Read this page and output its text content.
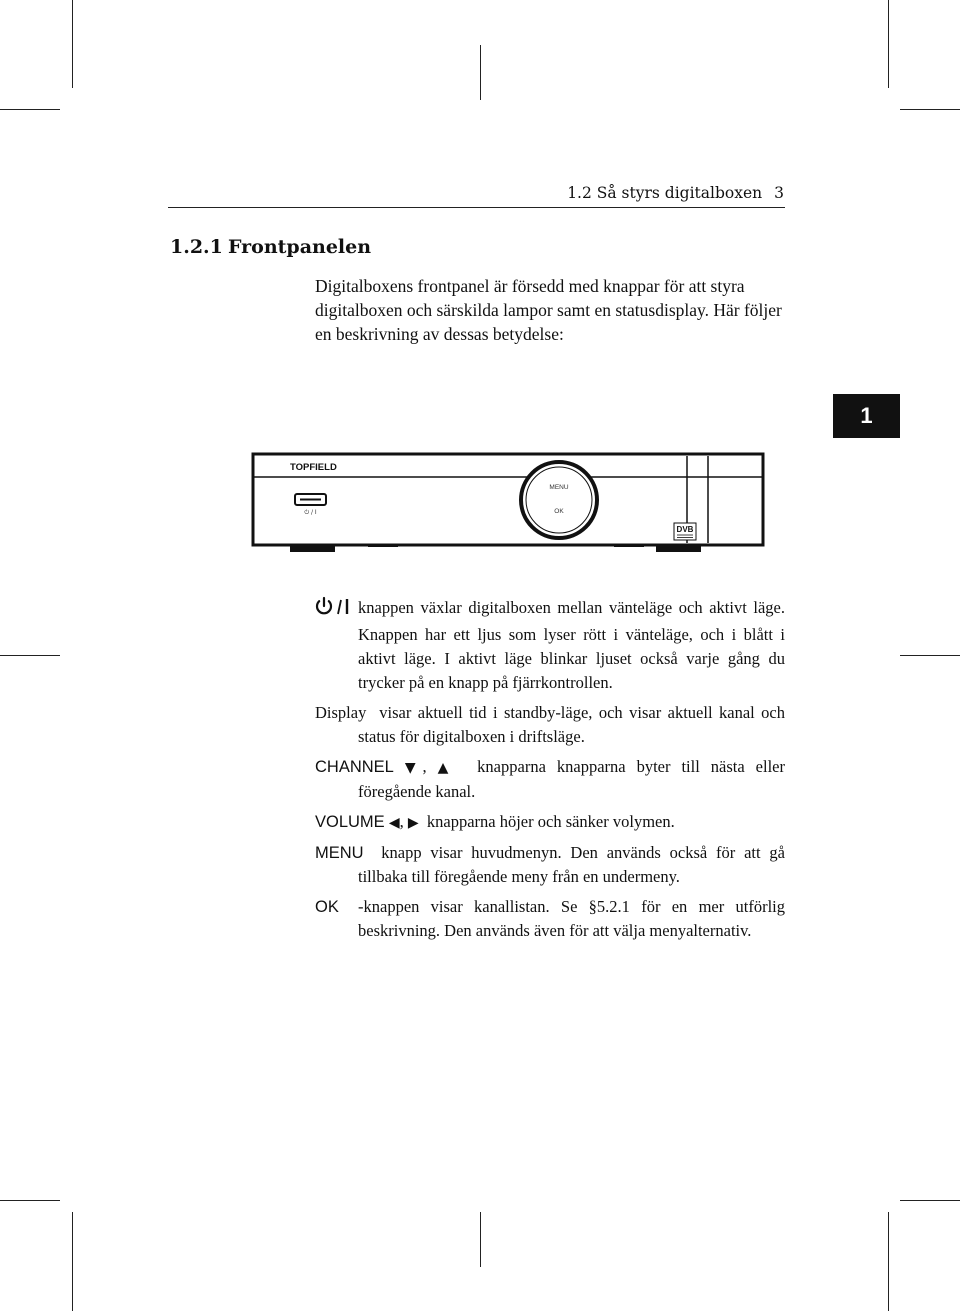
1.2 Så styrs digitalboxen 3
1.2.1 Frontpanelen
Digitalboxens frontpanel är försedd med knappar för att styra digitalboxen och särskilda lampor samt en statusdisplay. Här följer en beskrivning av dessas betydelse:
1
TOPFIELD
⏻ / I
MENU
OK
DVB
knappen växlar digitalboxen mellan vänteläge och aktivt läge. Knappen har ett ljus som lyser rött i vänteläge, och i blått i aktivt läge. I aktivt läge blinkar ljuset också varje gång du trycker på en knapp på fjärrkontrollen.
Display visar aktuell tid i standby-läge, och visar aktuell kanal och status för digitalboxen i driftsläge.
CHANNEL ▼, ▲ knapparna knapparna byter till nästa eller föregående kanal.
VOLUME ◀, ▶ knapparna höjer och sänker volymen.
MENU knapp visar huvudmenyn. Den används också för att gå tillbaka till föregående meny från en undermeny.
OK -knappen visar kanallistan. Se §5.2.1 för en mer utförlig beskrivning. Den används även för att välja menyalternativ.
